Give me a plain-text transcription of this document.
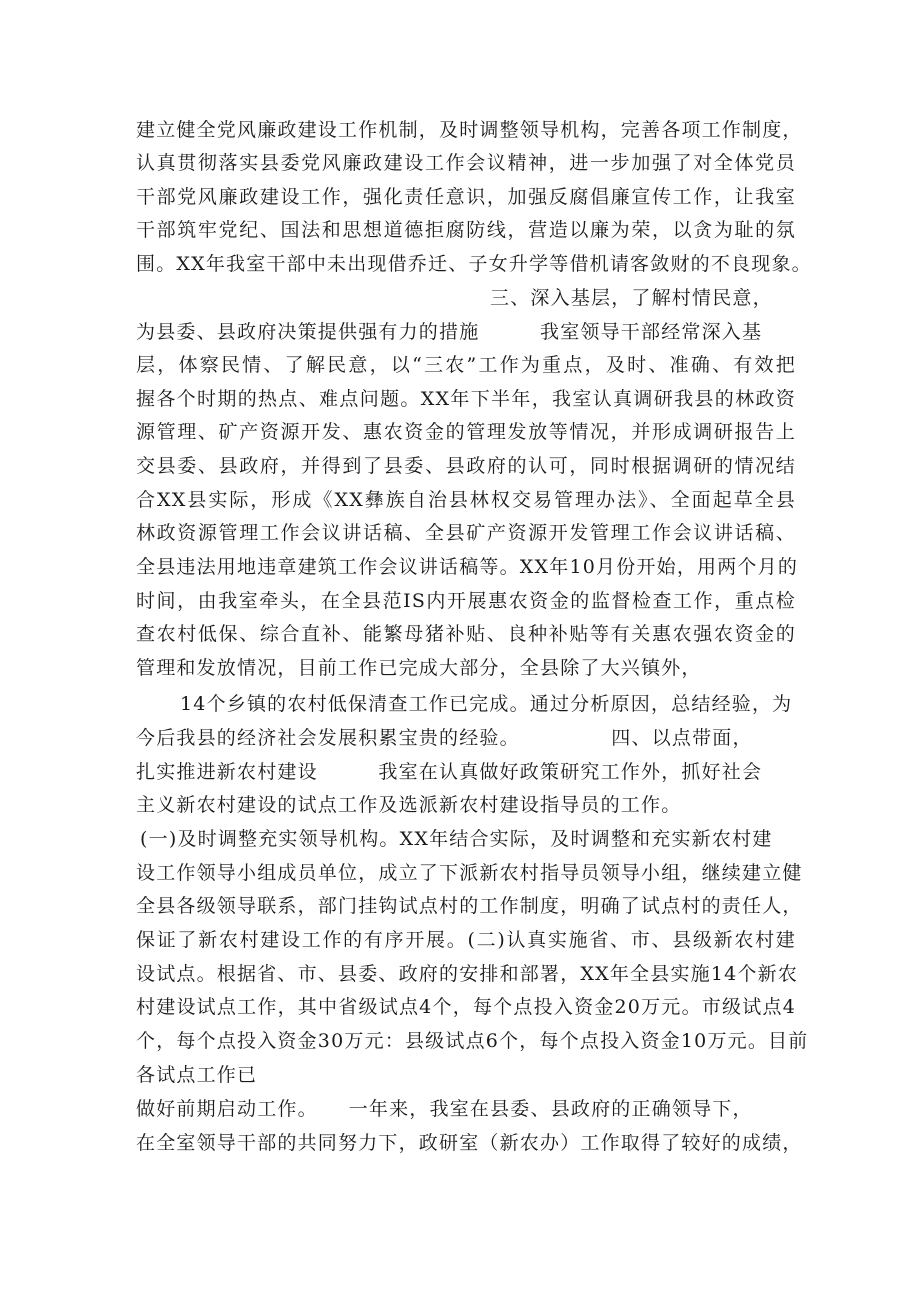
建立健全党风廉政建设工作机制，及时调整领导机构，完善各项工作制度，
认真贯彻落实县委党风廉政建设工作会议精神，进一步加强了对全体党员
干部党风廉政建设工作，强化责任意识，加强反腐倡廉宣传工作，让我室
干部筑牢党纪、国法和思想道德拒腐防线，营造以廉为荣，以贪为耻的氛
围。XX年我室干部中未出现借乔迁、子女升学等借机请客敛财的不良现象。
三、深入基层，了解村情民意，
为县委、县政府决策提供强有力的措施　　　我室领导干部经常深入基
层，体察民情、了解民意，以“三农”工作为重点，及时、准确、有效把
握各个时期的热点、难点问题。XX年下半年，我室认真调研我县的林政资
源管理、矿产资源开发、惠农资金的管理发放等情况，并形成调研报告上
交县委、县政府，并得到了县委、县政府的认可，同时根据调研的情况结
合XX县实际，形成《XX彝族自治县林权交易管理办法》、全面起草全县
林政资源管理工作会议讲话稿、全县矿产资源开发管理工作会议讲话稿、
全县违法用地违章建筑工作会议讲话稿等。XX年10月份开始，用两个月的
时间，由我室牵头，在全县范IS内开展惠农资金的监督检查工作，重点检
查农村低保、综合直补、能繁母猪补贴、良种补贴等有关惠农强农资金的
管理和发放情况，目前工作已完成大部分，全县除了大兴镇外，
14个乡镇的农村低保清查工作已完成。通过分析原因，总结经验，为
今后我县的经济社会发展积累宝贵的经验。　　　　　四、以点带面，
扎实推进新农村建设　　　我室在认真做好政策研究工作外，抓好社会
主义新农村建设的试点工作及选派新农村建设指导员的工作。
(一)及时调整充实领导机构。XX年结合实际，及时调整和充实新农村建
设工作领导小组成员单位，成立了下派新农村指导员领导小组，继续建立健
全县各级领导联系，部门挂钩试点村的工作制度，明确了试点村的责任人，
保证了新农村建设工作的有序开展。(二)认真实施省、市、县级新农村建
设试点。根据省、市、县委、政府的安排和部署，XX年全县实施14个新农
村建设试点工作，其中省级试点4个，每个点投入资金20万元。市级试点4
个，每个点投入资金30万元：县级试点6个，每个点投入资金10万元。目前
各试点工作已
做好前期启动工作。　　一年来，我室在县委、县政府的正确领导下，
在全室领导干部的共同努力下，政研室（新农办）工作取得了较好的成绩，
